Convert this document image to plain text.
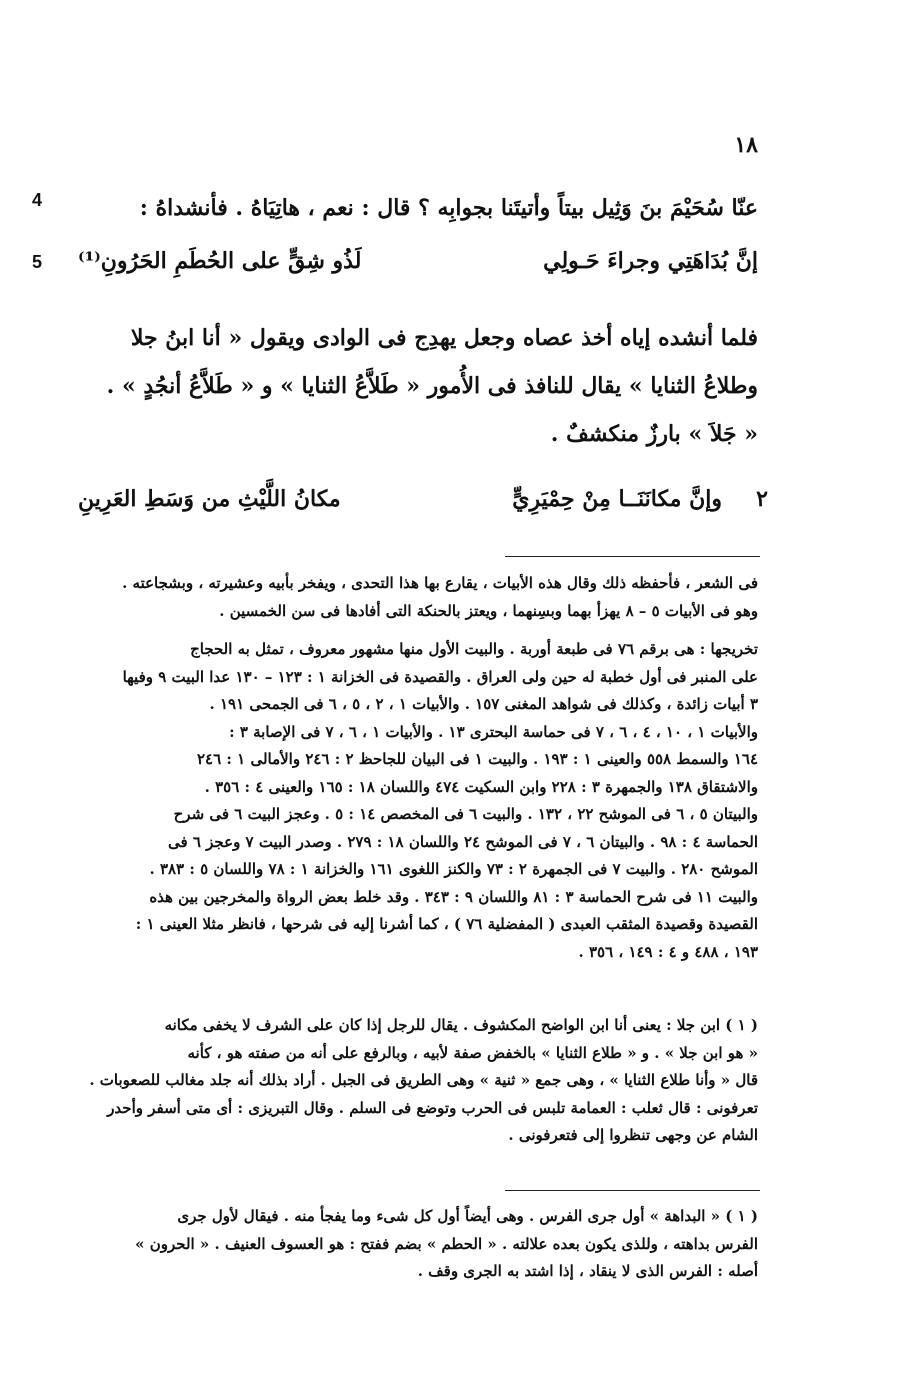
١٨
4
5
عنّا سُحَيْمَ بنَ وَثِيل بيتاً وأتيتَنا بجوابِه ؟ قال : نعم ، هاتِيَاهُ . فأنشداهُ :
إنَّ بُدَاهَتِي وجراءَ حَـولِي
لَذُو شِقٍّ على الحُطَمِ الحَرُونِ⁽¹⁾
فلما أنشده إياه أخذ عصاه وجعل يهدِج فى الوادى ويقول « أنا ابنُ جلا
وطلاعُ الثنايا » يقال للنافذ فى الأُمور « طَلاَّعُ الثنايا » و « طَلاَّعُ أنجُدٍ » .
« جَلاَ » بارزٌ منكشفٌ .
وإنَّ مكانَنَــا مِنْ حِمْيَرِيٍّ
مكانُ اللَّيْثِ من وَسَطِ العَرِينِ	٢
فى الشعر ، فأحفظه ذلك وقال هذه الأبيات ، يقارع بها هذا التحدى ، ويفخر بأبيه وعشيرته ، وبشجاعته .
وهو فى الأبيات ٥ – ٨ يهزأ بهما وبسِنهما ، ويعتز بالحنكة التى أفادها فى سن الخمسين .
تخريجها : هى برقم ٧٦ فى طبعة أوربة . والبيت الأول منها مشهور معروف ، تمثل به الحجاج
على المنبر فى أول خطبة له حين ولى العراق . والقصيدة فى الخزانة ١ : ١٢٣ – ١٣٠ عدا البيت ٩ وفيها
٣ أبيات زائدة ، وكذلك فى شواهد المغنى ١٥٧ . والأبيات ١ ، ٢ ، ٥ ، ٦ فى الجمحى ١٩١ .
والأبيات ١ ، ١٠ ، ٤ ، ٦ ، ٧ فى حماسة البحترى ١٣ . والأبيات ١ ، ٦ ، ٧ فى الإصابة ٣ :
١٦٤ والسمط ٥٥٨ والعينى ١ : ١٩٣ . والبيت ١ فى البيان للجاحظ ٢ : ٢٤٦ والأمالى ١ : ٢٤٦
والاشتقاق ١٣٨ والجمهرة ٣ : ٢٢٨ وابن السكيت ٤٧٤ واللسان ١٨ : ١٦٥ والعينى ٤ : ٣٥٦ .
والبيتان ٥ ، ٦ فى الموشح ٢٢ ، ١٣٢ . والبيت ٦ فى المخصص ١٤ : ٥ . وعجز البيت ٦ فى شرح
الحماسة ٤ : ٩٨ . والبيتان ٦ ، ٧ فى الموشح ٢٤ واللسان ١٨ : ٢٧٩ . وصدر البيت ٧ وعجز ٦ فى
الموشح ٢٨٠ . والبيت ٧ فى الجمهرة ٢ : ٧٣ والكنز اللغوى ١٦١ والخزانة ١ : ٧٨ واللسان ٥ : ٣٨٣ .
والبيت ١١ فى شرح الحماسة ٣ : ٨١ واللسان ٩ : ٣٤٣ . وقد خلط بعض الرواة والمخرجين بين هذه
القصيدة وقصيدة المثقب العبدى ( المفضلية ٧٦ ) ، كما أشرنا إليه فى شرحها ، فانظر مثلا العينى ١ :
١٩٣ ، ٤٨٨ و ٤ : ١٤٩ ، ٣٥٦ .
( ١ ) ابن جلا : يعنى أنا ابن الواضح المكشوف . يقال للرجل إذا كان على الشرف لا يخفى مكانه
« هو ابن جلا » . و « طلاع الثنايا » بالخفض صفة لأبيه ، وبالرفع على أنه من صفته هو ، كأنه
قال « وأنا طلاع الثنايا » ، وهى جمع « ثنية » وهى الطريق فى الجبل . أراد بذلك أنه جلد مغالب للصعوبات .
تعرفونى : قال ثعلب : العمامة تلبس فى الحرب وتوضع فى السلم . وقال التبريزى : أى متى أسفر وأحدر
الشام عن وجهى تنظروا إلى فتعرفونى .
( ١ ) « البداهة » أول جرى الفرس . وهى أيضاً أول كل شىء وما يفجأ منه . فيقال لأول جرى
الفرس بداهته ، وللذى يكون بعده علالته . « الحطم » بضم ففتح : هو العسوف العنيف . « الحرون »
أصله : الفرس الذى لا ينقاد ، إذا اشتد به الجرى وقف .
